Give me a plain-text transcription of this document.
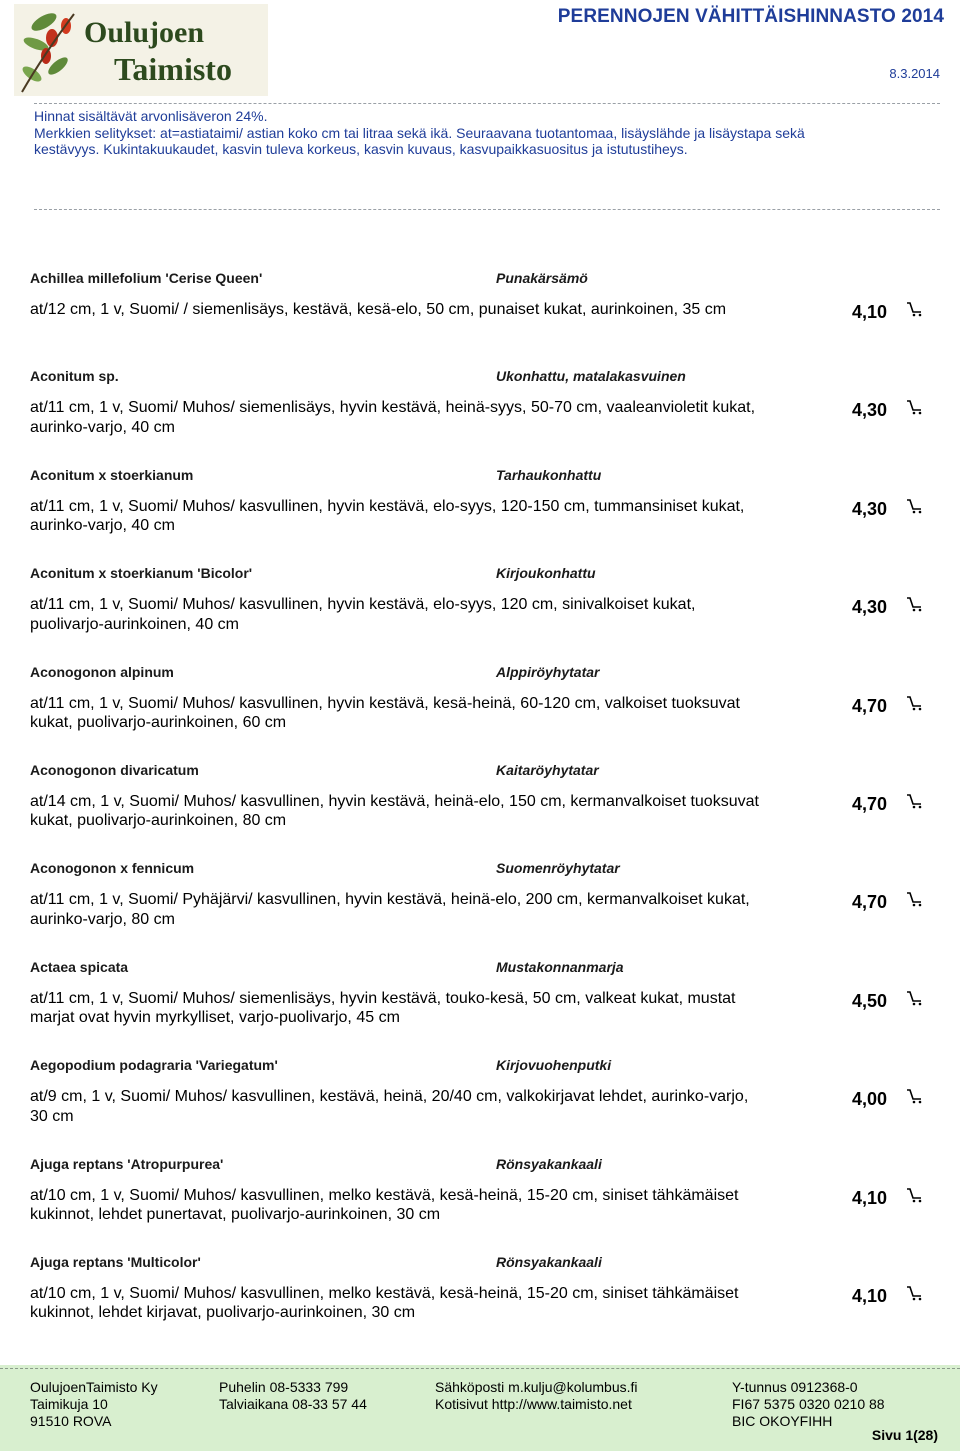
Oulujoen
Taimisto
PERENNOJEN VÄHITTÄISHINNASTO 2014
8.3.2014
Hinnat sisältävät arvonlisäveron 24%.
Merkkien selitykset: at=astiataimi/ astian koko cm tai litraa sekä ikä. Seuraavana tuotantomaa, lisäyslähde ja lisäystapa sekä
kestävyys. Kukintakuukaudet, kasvin tuleva korkeus, kasvin kuvaus, kasvupaikkasuositus ja istutustiheys.
Achillea millefolium 'Cerise Queen'	Punakärsämö
at/12 cm, 1 v, Suomi/ / siemenlisäys, kestävä, kesä-elo, 50 cm, punaiset kukat, aurinkoinen, 35 cm	4,10
Aconitum sp.	Ukonhattu, matalakasvuinen
at/11 cm, 1 v, Suomi/ Muhos/ siemenlisäys, hyvin kestävä, heinä-syys, 50-70 cm, vaaleanvioletit kukat, aurinko-varjo, 40 cm
4,30
Aconitum x stoerkianum	Tarhaukonhattu
at/11 cm, 1 v, Suomi/ Muhos/ kasvullinen, hyvin kestävä, elo-syys, 120-150 cm, tummansiniset kukat, aurinko-varjo, 40 cm
4,30
Aconitum x stoerkianum 'Bicolor'	Kirjoukonhattu
at/11 cm, 1 v, Suomi/ Muhos/ kasvullinen, hyvin kestävä, elo-syys, 120 cm, sinivalkoiset kukat, puolivarjo-aurinkoinen, 40 cm
4,30
Aconogonon alpinum	Alppiröyhytatar
at/11 cm, 1 v, Suomi/ Muhos/ kasvullinen, hyvin kestävä, kesä-heinä, 60-120 cm, valkoiset tuoksuvat kukat, puolivarjo-aurinkoinen, 60 cm
4,70
Aconogonon divaricatum	Kaitaröyhytatar
at/14 cm, 1 v, Suomi/ Muhos/ kasvullinen, hyvin kestävä, heinä-elo, 150 cm, kermanvalkoiset tuoksuvat kukat, puolivarjo-aurinkoinen, 80 cm
4,70
Aconogonon x fennicum	Suomenröyhytatar
at/11 cm, 1 v, Suomi/ Pyhäjärvi/ kasvullinen, hyvin kestävä, heinä-elo, 200 cm, kermanvalkoiset kukat, aurinko-varjo, 80 cm
4,70
Actaea spicata	Mustakonnanmarja
at/11 cm, 1 v, Suomi/ Muhos/ siemenlisäys, hyvin kestävä, touko-kesä, 50 cm, valkeat kukat, mustat marjat ovat hyvin myrkylliset, varjo-puolivarjo, 45 cm
4,50
Aegopodium podagraria 'Variegatum'	Kirjovuohenputki
at/9 cm, 1 v, Suomi/ Muhos/ kasvullinen, kestävä, heinä, 20/40 cm, valkokirjavat lehdet, aurinko-varjo, 30 cm
4,00
Ajuga reptans 'Atropurpurea'	Rönsyakankaali
at/10 cm, 1 v, Suomi/ Muhos/ kasvullinen, melko kestävä, kesä-heinä, 15-20 cm, siniset tähkämäiset kukinnot, lehdet punertavat, puolivarjo-aurinkoinen, 30 cm
4,10
Ajuga reptans 'Multicolor'	Rönsyakankaali
at/10 cm, 1 v, Suomi/ Muhos/ kasvullinen, melko kestävä, kesä-heinä, 15-20 cm, siniset tähkämäiset kukinnot, lehdet kirjavat, puolivarjo-aurinkoinen, 30 cm
4,10
OulujoenTaimisto Ky
Taimikuja 10
91510 ROVA
Puhelin 08-5333 799
Talviaikana 08-33 57 44
Sähköposti m.kulju@kolumbus.fi
Kotisivut http://www.taimisto.net
Y-tunnus 0912368-0
FI67 5375 0320 0210 88
BIC OKOYFIHH
Sivu 1(28)
